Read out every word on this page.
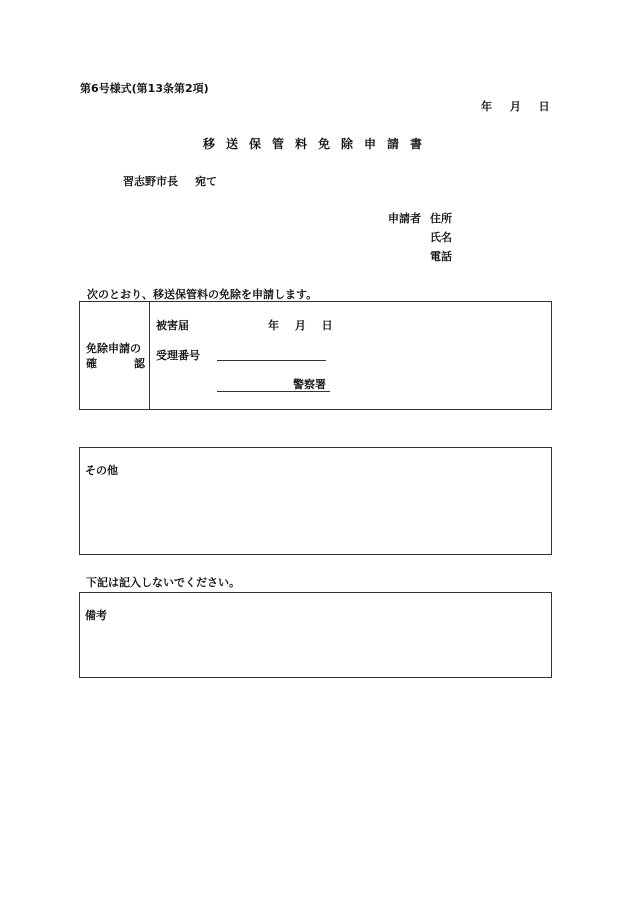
第6号様式(第13条第2項)
年 月 日
移送保管料免除申請書
習志野市長 宛て
申請者 住所
氏名
電話
次のとおり、移送保管料の免除を申請します。
免除申請の
確	認
被害届	年 月 日
受理番号
警察署
その他
下記は記入しないでください。
備考
